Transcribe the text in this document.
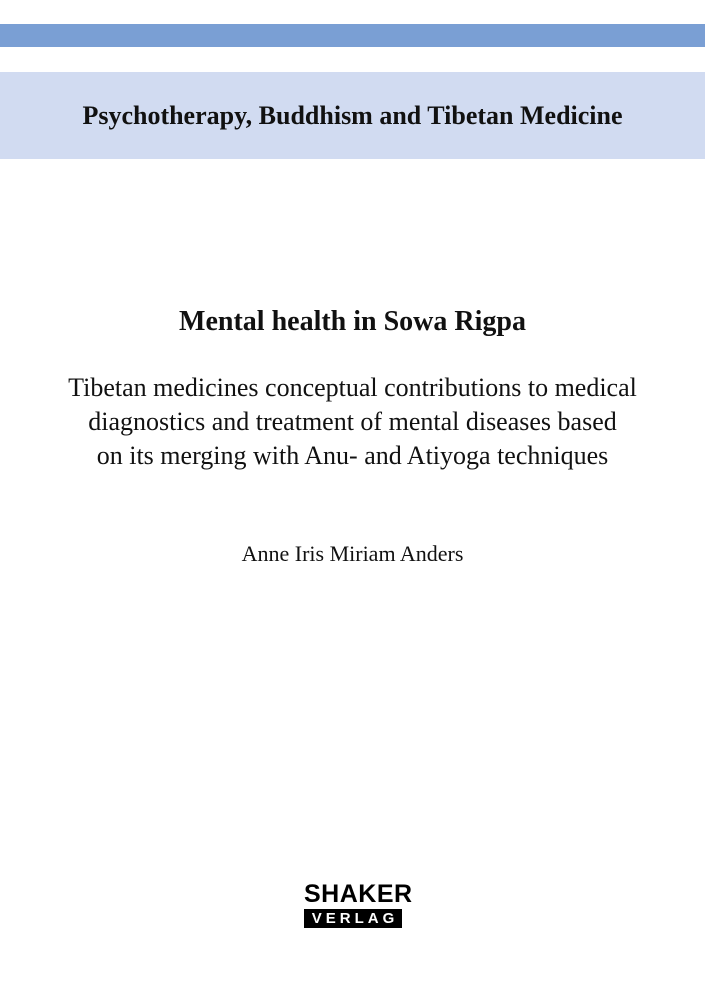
Psychotherapy, Buddhism and Tibetan Medicine
Mental health in Sowa Rigpa
Tibetan medicines conceptual contributions to medical
diagnostics and treatment of mental diseases based
on its merging with Anu- and Atiyoga techniques
Anne Iris Miriam Anders
SHAKER
VERLAG
